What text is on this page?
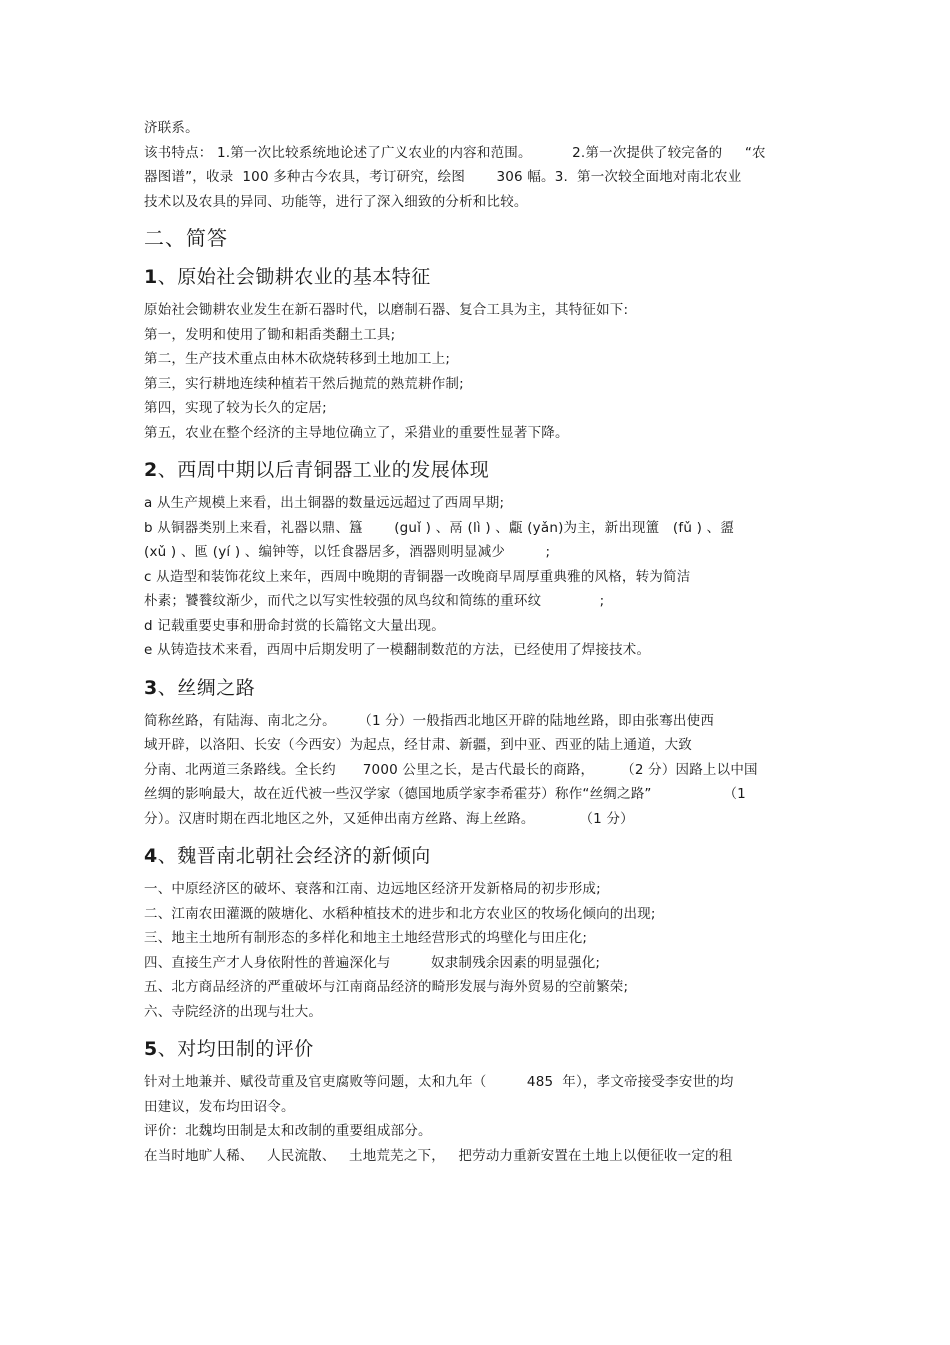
济联系。
该书特点： 1.第一次比较系统地论述了广义农业的内容和范围。         2.第一次提供了较完备的     “农
器图谱”，收录  100 多种古今农具，考订研究，绘图       306 幅。3.  第一次较全面地对南北农业
技术以及农具的异同、功能等，进行了深入细致的分析和比较。
二、简答
1、原始社会锄耕农业的基本特征
原始社会锄耕农业发生在新石器时代，以磨制石器、复合工具为主，其特征如下:
第一，发明和使用了锄和耜臿类翻土工具;
第二，生产技术重点由林木砍烧转移到土地加工上;
第三，实行耕地连续种植若干然后抛荒的熟荒耕作制;
第四，实现了较为长久的定居;
第五，农业在整个经济的主导地位确立了，采猎业的重要性显著下降。
2、西周中期以后青铜器工业的发展体现
a 从生产规模上来看，出土铜器的数量远远超过了西周早期;
b 从铜器类别上来看，礼器以鼎、簋       (guǐ ) 、鬲 (lì ) 、甗 (yǎn)为主，新出现簠   (fǔ ) 、盨
(xǔ ) 、匜 (yí ) 、编钟等，以饪食器居多，酒器则明显减少         ;
c 从造型和装饰花纹上来年，西周中晚期的青铜器一改晚商早周厚重典雅的风格，转为简洁
朴素；饕餮纹渐少，而代之以写实性较强的凤鸟纹和简练的重环纹             ;
d 记载重要史事和册命封赏的长篇铭文大量出现。
e 从铸造技术来看，西周中后期发明了一模翻制数范的方法，已经使用了焊接技术。
3、丝绸之路
简称丝路，有陆海、南北之分。     （1 分）一般指西北地区开辟的陆地丝路，即由张骞出使西
域开辟，以洛阳、长安（今西安）为起点，经甘肃、新疆，到中亚、西亚的陆上通道，大致
分南、北两道三条路线。全长约      7000 公里之长，是古代最长的商路，      （2 分）因路上以中国
丝绸的影响最大，故在近代被一些汉学家（德国地质学家李希霍芬）称作“丝绸之路”                （1
分）。汉唐时期在西北地区之外，又延伸出南方丝路、海上丝路。          （1 分）
4、魏晋南北朝社会经济的新倾向
一、中原经济区的破坏、衰落和江南、边远地区经济开发新格局的初步形成;
二、江南农田灌溉的陂塘化、水稻种植技术的进步和北方农业区的牧场化倾向的出现;
三、地主土地所有制形态的多样化和地主土地经营形式的坞壁化与田庄化;
四、直接生产才人身依附性的普遍深化与         奴隶制残余因素的明显强化;
五、北方商品经济的严重破坏与江南商品经济的畸形发展与海外贸易的空前繁荣;
六、寺院经济的出现与壮大。
5、对均田制的评价
针对土地兼并、赋役苛重及官吏腐败等问题，太和九年（         485  年），孝文帝接受李安世的均
田建议，发布均田诏令。
评价：北魏均田制是太和改制的重要组成部分。
在当时地旷人稀、   人民流散、   土地荒芜之下，   把劳动力重新安置在土地上以便征收一定的租
